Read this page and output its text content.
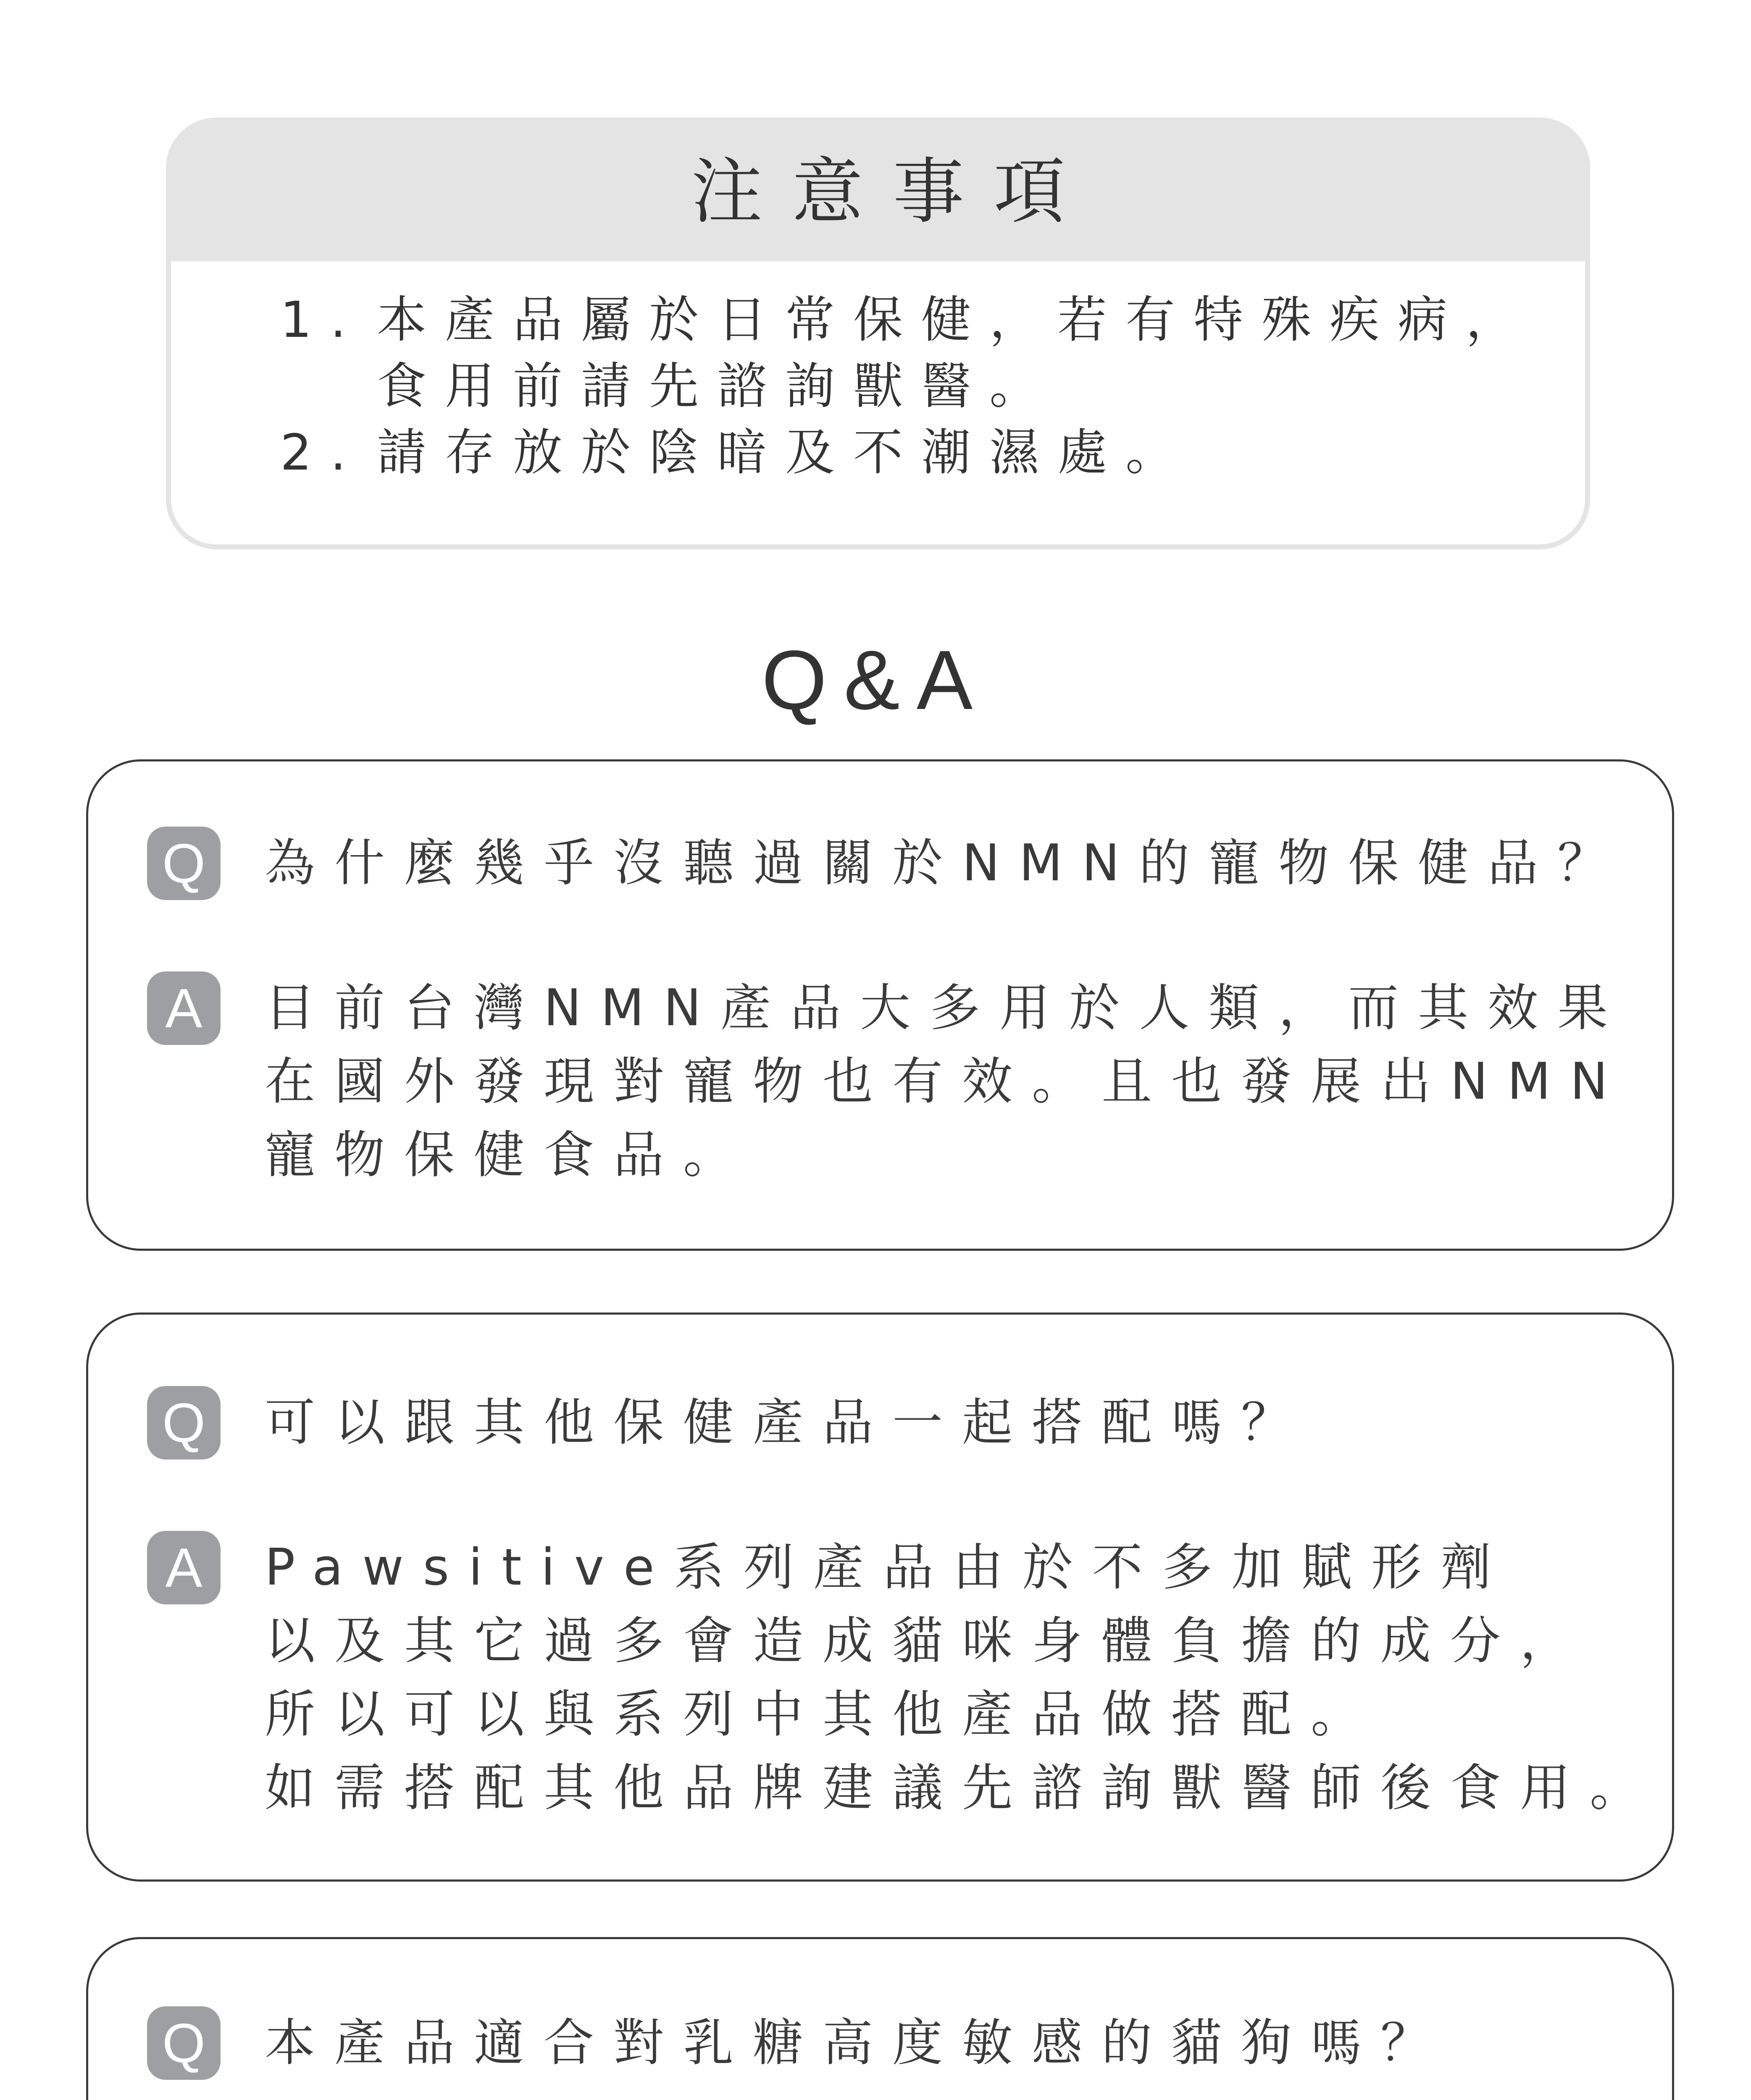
注意事項
1. 本產品屬於日常保健，若有特殊疾病，
食用前請先諮詢獸醫。
2. 請存放於陰暗及不潮濕處。
Q&A
Q	為什麼幾乎沒聽過關於NMN的寵物保健品？
A	目前台灣NMN產品大多用於人類，而其效果
在國外發現對寵物也有效。且也發展出NMN
寵物保健食品。
Q	可以跟其他保健產品一起搭配嗎？
A	Pawsitive系列產品由於不多加賦形劑
以及其它過多會造成貓咪身體負擔的成分，
所以可以與系列中其他產品做搭配。
如需搭配其他品牌建議先諮詢獸醫師後食用。
Q	本產品適合對乳糖高度敏感的貓狗嗎？
